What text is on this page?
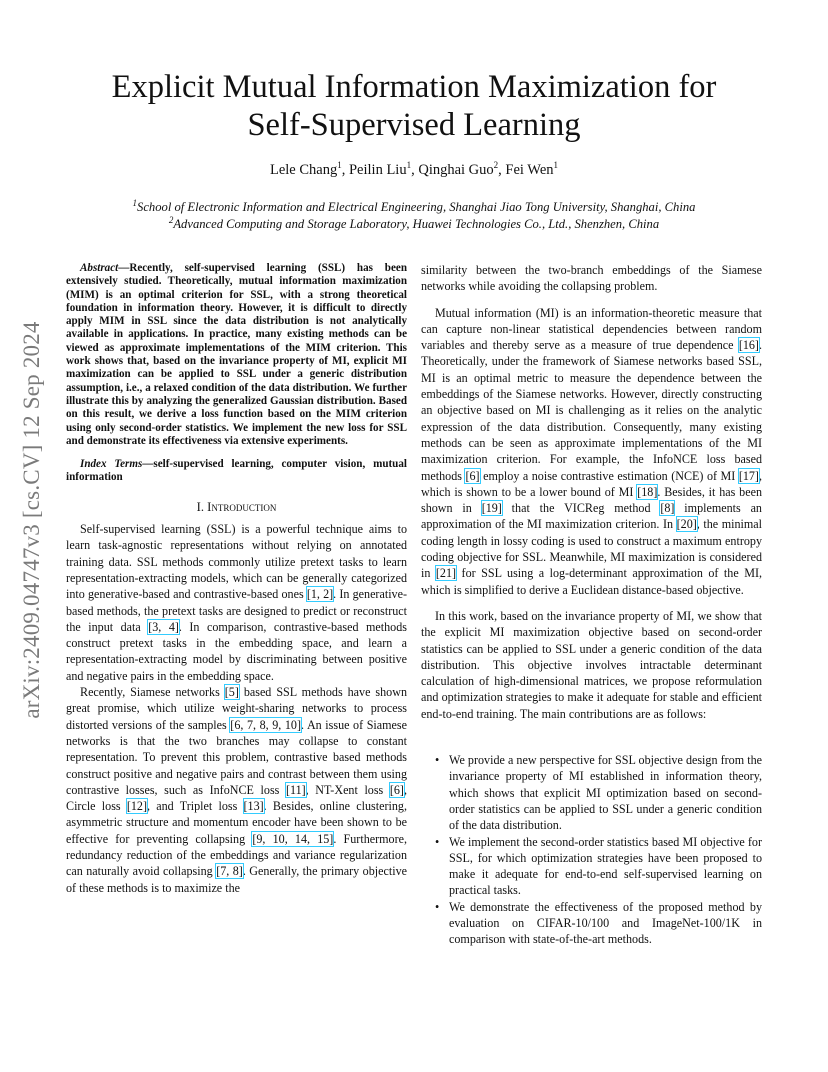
arXiv:2409.04747v3 [cs.CV] 12 Sep 2024
Explicit Mutual Information Maximization for
Self-Supervised Learning
Lele Chang$^1$, Peilin Liu$^1$, Qinghai Guo$^2$, Fei Wen$^1$
$^1$School of Electronic Information and Electrical Engineering, Shanghai Jiao Tong University, Shanghai, China
$^2$Advanced Computing and Storage Laboratory, Huawei Technologies Co., Ltd., Shenzhen, China

Abstract—Recently, self-supervised learning (SSL) has been extensively studied. Theoretically, mutual information maximization (MIM) is an optimal criterion for SSL, with a strong theoretical foundation in information theory. However, it is difficult to directly apply MIM in SSL since the data distribution is not analytically available in applications. In practice, many existing methods can be viewed as approximate implementations of the MIM criterion. This work shows that, based on the invariance property of MI, explicit MI maximization can be applied to SSL under a generic distribution assumption, i.e., a relaxed condition of the data distribution. We further illustrate this by analyzing the generalized Gaussian distribution. Based on this result, we derive a loss function based on the MIM criterion using only second-order statistics. We implement the new loss for SSL and demonstrate its effectiveness via extensive experiments.

Index Terms—self-supervised learning, computer vision, mutual information

I. Introduction

Self-supervised learning (SSL) is a powerful technique aims to learn task-agnostic representations without relying on annotated training data. SSL methods commonly utilize pretext tasks to learn representation-extracting models, which can be generally categorized into generative-based and contrastive-based ones [1, 2]. In generative-based methods, the pretext tasks are designed to predict or reconstruct the input data [3, 4]. In comparison, contrastive-based methods construct pretext tasks in the embedding space, and learn a representation-extracting model by discriminating between positive and negative pairs in the embedding space.

Recently, Siamese networks [5] based SSL methods have shown great promise, which utilize weight-sharing networks to process distorted versions of the samples [6, 7, 8, 9, 10]. An issue of Siamese networks is that the two branches may collapse to constant representation. To prevent this problem, contrastive based methods construct positive and negative pairs and contrast between them using contrastive losses, such as InfoNCE loss [11], NT-Xent loss [6], Circle loss [12], and Triplet loss [13]. Besides, online clustering, asymmetric structure and momentum encoder have been shown to be effective for preventing collapsing [9, 10, 14, 15]. Furthermore, redundancy reduction of the embeddings and variance regularization can naturally avoid collapsing [7, 8]. Generally, the primary objective of these methods is to maximize the

similarity between the two-branch embeddings of the Siamese networks while avoiding the collapsing problem.

Mutual information (MI) is an information-theoretic measure that can capture non-linear statistical dependencies between random variables and thereby serve as a measure of true dependence [16]. Theoretically, under the framework of Siamese networks based SSL, MI is an optimal metric to measure the dependence between the embeddings of the Siamese networks. However, directly constructing an objective based on MI is challenging as it relies on the analytic expression of the data distribution. Consequently, many existing methods can be seen as approximate implementations of the MI maximization criterion. For example, the InfoNCE loss based methods [6] employ a noise contrastive estimation (NCE) of MI [17], which is shown to be a lower bound of MI [18]. Besides, it has been shown in [19] that the VICReg method [8] implements an approximation of the MI maximization criterion. In [20], the minimal coding length in lossy coding is used to construct a maximum entropy coding objective for SSL. Meanwhile, MI maximization is considered in [21] for SSL using a log-determinant approximation of the MI, which is simplified to derive a Euclidean distance-based objective.

In this work, based on the invariance property of MI, we show that the explicit MI maximization objective based on second-order statistics can be applied to SSL under a generic condition of the data distribution. This objective involves intractable determinant calculation of high-dimensional matrices, we propose reformulation and optimization strategies to make it adequate for stable and efficient end-to-end training. The main contributions are as follows:

• We provide a new perspective for SSL objective design from the invariance property of MI established in information theory, which shows that explicit MI optimization based on second-order statistics can be applied to SSL under a generic condition of the data distribution.
• We implement the second-order statistics based MI objective for SSL, for which optimization strategies have been proposed to make it adequate for end-to-end self-supervised learning on practical tasks.
• We demonstrate the effectiveness of the proposed method by evaluation on CIFAR-10/100 and ImageNet-100/1K in comparison with state-of-the-art methods.
